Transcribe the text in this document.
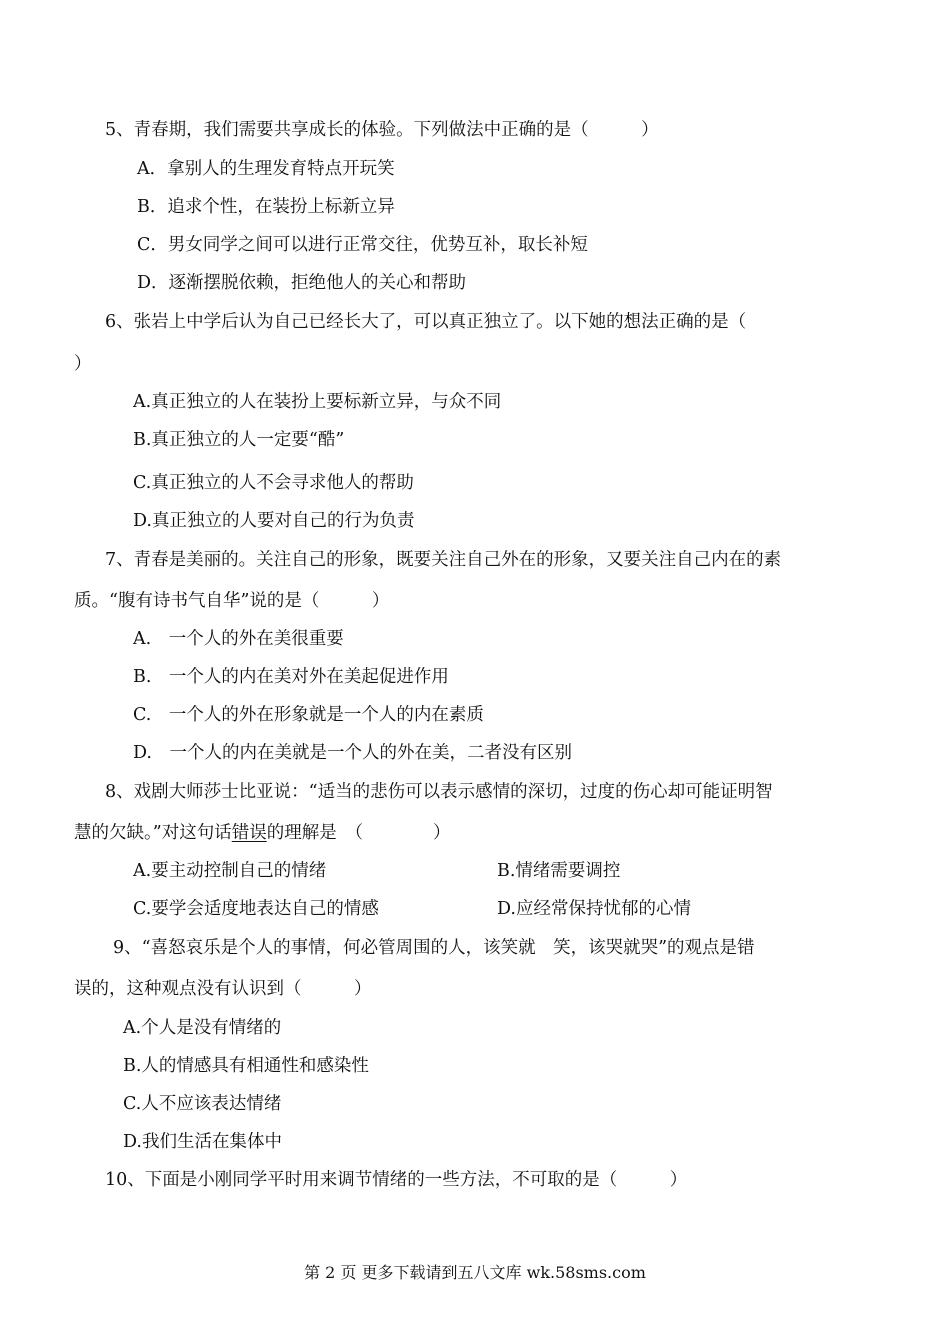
5、青春期，我们需要共享成长的体验。下列做法中正确的是（　　　）
A．拿别人的生理发育特点开玩笑
B．追求个性，在装扮上标新立异
C．男女同学之间可以进行正常交往，优势互补，取长补短
D．逐渐摆脱依赖，拒绝他人的关心和帮助
6、张岩上中学后认为自己已经长大了，可以真正独立了。以下她的想法正确的是（
）
A.真正独立的人在装扮上要标新立异，与众不同
B.真正独立的人一定要“酷”
C.真正独立的人不会寻求他人的帮助
D.真正独立的人要对自己的行为负责
7、青春是美丽的。关注自己的形象，既要关注自己外在的形象，又要关注自己内在的素
质。“腹有诗书气自华”说的是（　　　）
A.　一个人的外在美很重要
B.　一个人的内在美对外在美起促进作用
C.　一个人的外在形象就是一个人的内在素质
D.　一个人的内在美就是一个人的外在美，二者没有区别
8、戏剧大师莎士比亚说：“适当的悲伤可以表示感情的深切，过度的伤心却可能证明智
慧的欠缺。”对这句话错误的理解是　（　　　　）
A.要主动控制自己的情绪	B.情绪需要调控
C.要学会适度地表达自己的情感	D.应经常保持忧郁的心情
9、“喜怒哀乐是个人的事情，何必管周围的人，该笑就　笑，该哭就哭”的观点是错
误的，这种观点没有认识到（　　　）
A.个人是没有情绪的
B.人的情感具有相通性和感染性
C.人不应该表达情绪
D.我们生活在集体中
10、下面是小刚同学平时用来调节情绪的一些方法，不可取的是（　　　）
第 2 页 更多下载请到五八文库 wk.58sms.com
